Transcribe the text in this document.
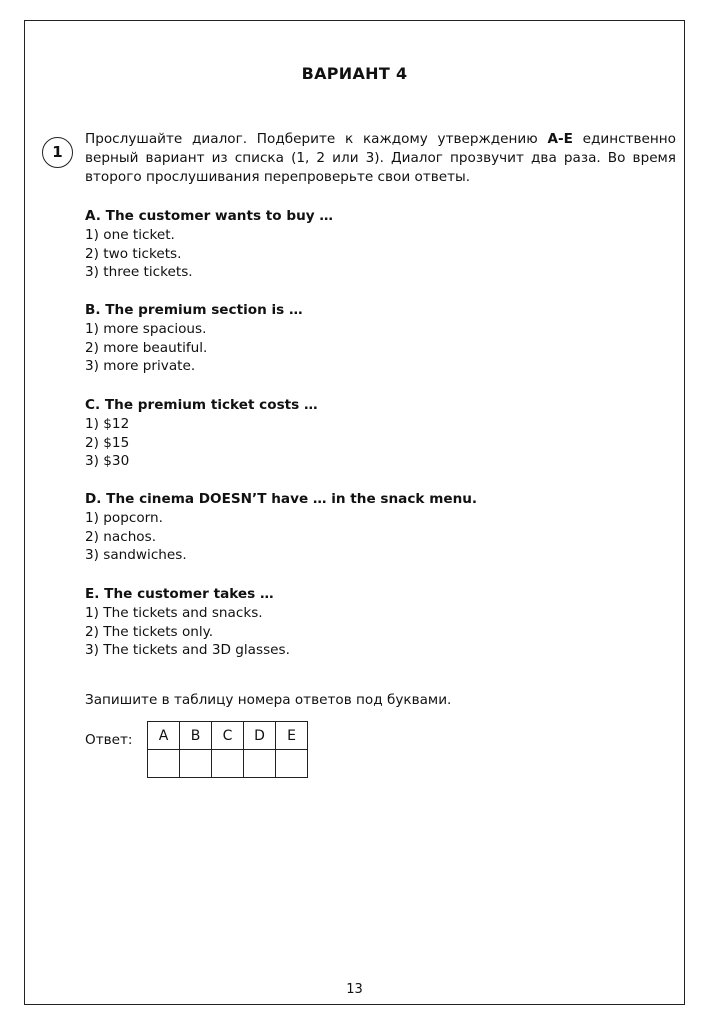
ВАРИАНТ 4
1
Прослушайте диалог. Подберите к каждому утверждению A-E единственно верный вариант из списка (1, 2 или 3). Диалог прозвучит два раза. Во время второго прослушивания перепроверьте свои ответы.
A. The customer wants to buy …
1) one ticket.
2) two tickets.
3) three tickets.
B. The premium section is …
1) more spacious.
2) more beautiful.
3) more private.
C. The premium ticket costs …
1) $12
2) $15
3) $30
D. The cinema DOESN’T have … in the snack menu.
1) popcorn.
2) nachos.
3) sandwiches.
E. The customer takes …
1) The tickets and snacks.
2) The tickets only.
3) The tickets and 3D glasses.
Запишите в таблицу номера ответов под буквами.
Ответ: A	B	C	D	E

13
